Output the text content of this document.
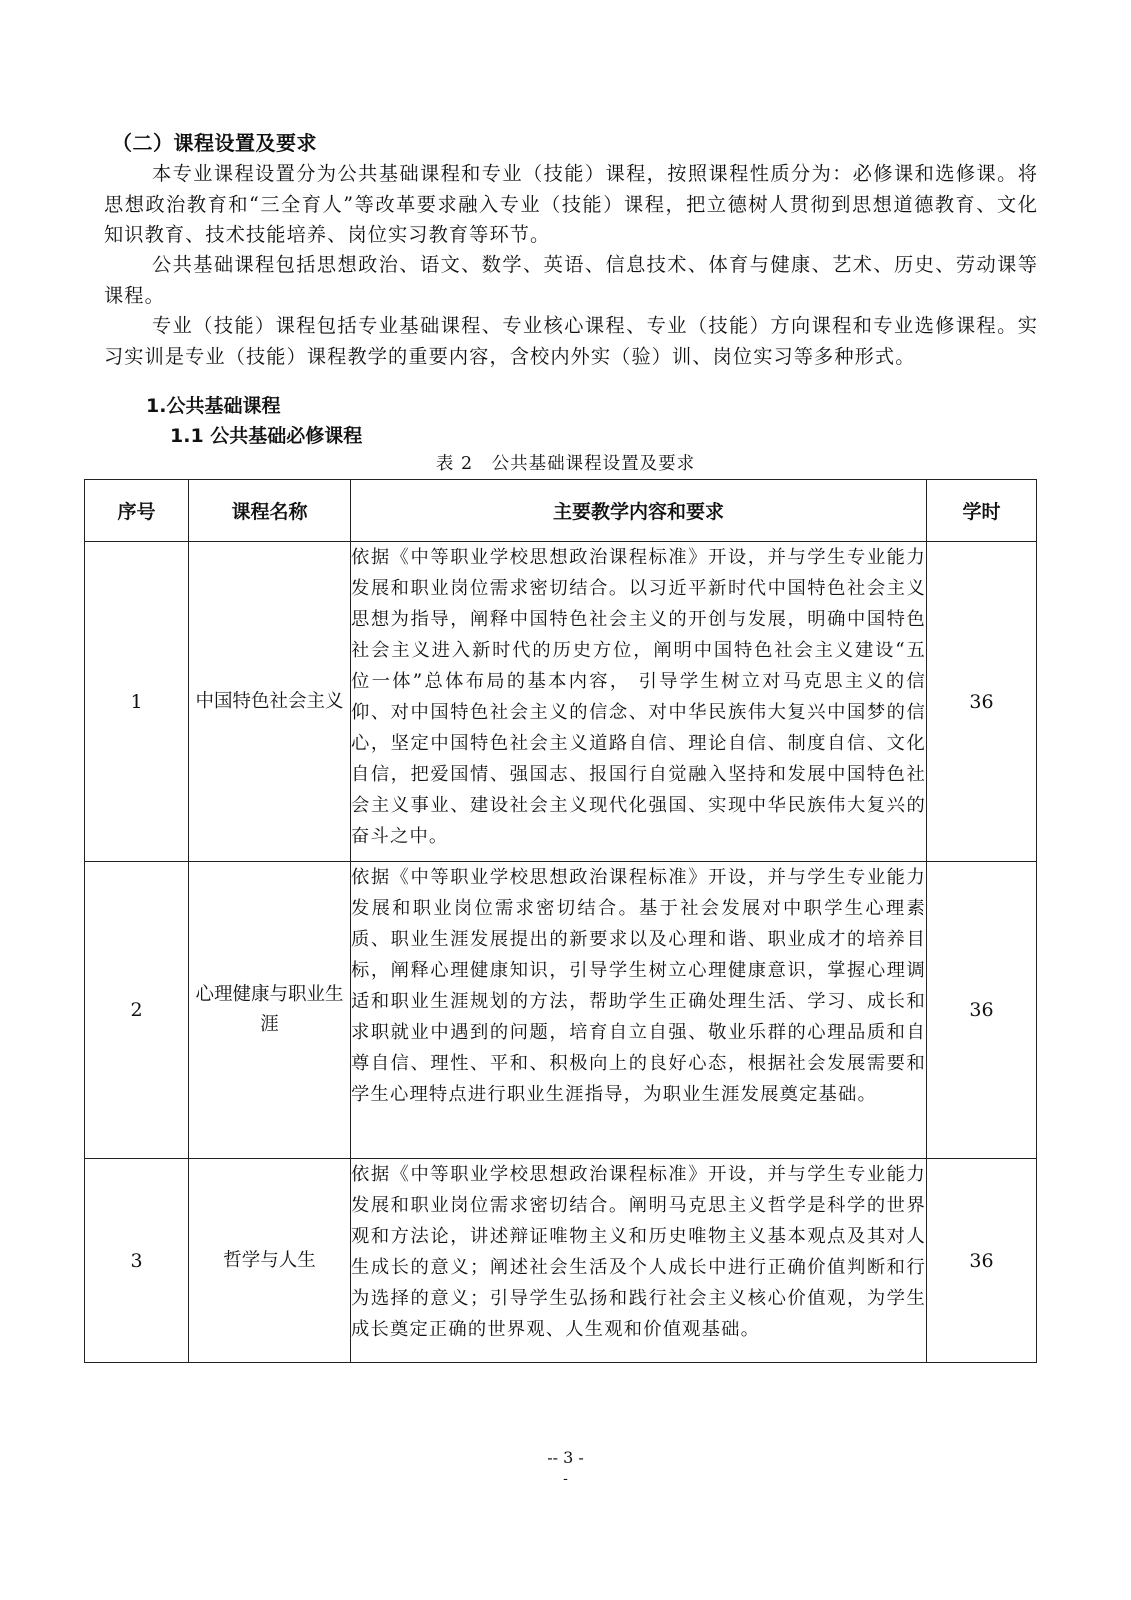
（二）课程设置及要求

本专业课程设置分为公共基础课程和专业（技能）课程，按照课程性质分为：必修课和选修课。将思想政治教育和“三全育人”等改革要求融入专业（技能）课程，把立德树人贯彻到思想道德教育、文化知识教育、技术技能培养、岗位实习教育等环节。

公共基础课程包括思想政治、语文、数学、英语、信息技术、体育与健康、艺术、历史、劳动课等课程。

专业（技能）课程包括专业基础课程、专业核心课程、专业（技能）方向课程和专业选修课程。实习实训是专业（技能）课程教学的重要内容，含校内外实（验）训、岗位实习等多种形式。

1.公共基础课程
1.1 公共基础必修课程
表 2　公共基础课程设置及要求
序号	课程名称	主要教学内容和要求	学时
1	中国特色社会主义	依据《中等职业学校思想政治课程标准》开设，并与学生专业能力发展和职业岗位需求密切结合。以习近平新时代中国特色社会主义思想为指导，阐释中国特色社会主义的开创与发展，明确中国特色社会主义进入新时代的历史方位，阐明中国特色社会主义建设“五位一体”总体布局的基本内容， 引导学生树立对马克思主义的信仰、对中国特色社会主义的信念、对中华民族伟大复兴中国梦的信心，坚定中国特色社会主义道路自信、理论自信、制度自信、文化自信，把爱国情、强国志、报国行自觉融入坚持和发展中国特色社会主义事业、建设社会主义现代化强国、实现中华民族伟大复兴的奋斗之中。	36
2	心理健康与职业生涯	依据《中等职业学校思想政治课程标准》开设，并与学生专业能力发展和职业岗位需求密切结合。基于社会发展对中职学生心理素质、职业生涯发展提出的新要求以及心理和谐、职业成才的培养目标，阐释心理健康知识，引导学生树立心理健康意识，掌握心理调适和职业生涯规划的方法，帮助学生正确处理生活、学习、成长和求职就业中遇到的问题，培育自立自强、敬业乐群的心理品质和自尊自信、理性、平和、积极向上的良好心态，根据社会发展需要和学生心理特点进行职业生涯指导，为职业生涯发展奠定基础。	36
3	哲学与人生	依据《中等职业学校思想政治课程标准》开设，并与学生专业能力发展和职业岗位需求密切结合。阐明马克思主义哲学是科学的世界观和方法论，讲述辩证唯物主义和历史唯物主义基本观点及其对人生成长的意义；阐述社会生活及个人成长中进行正确价值判断和行为选择的意义；引导学生弘扬和践行社会主义核心价值观，为学生成长奠定正确的世界观、人生观和价值观基础。	36
-- 3 -
-
